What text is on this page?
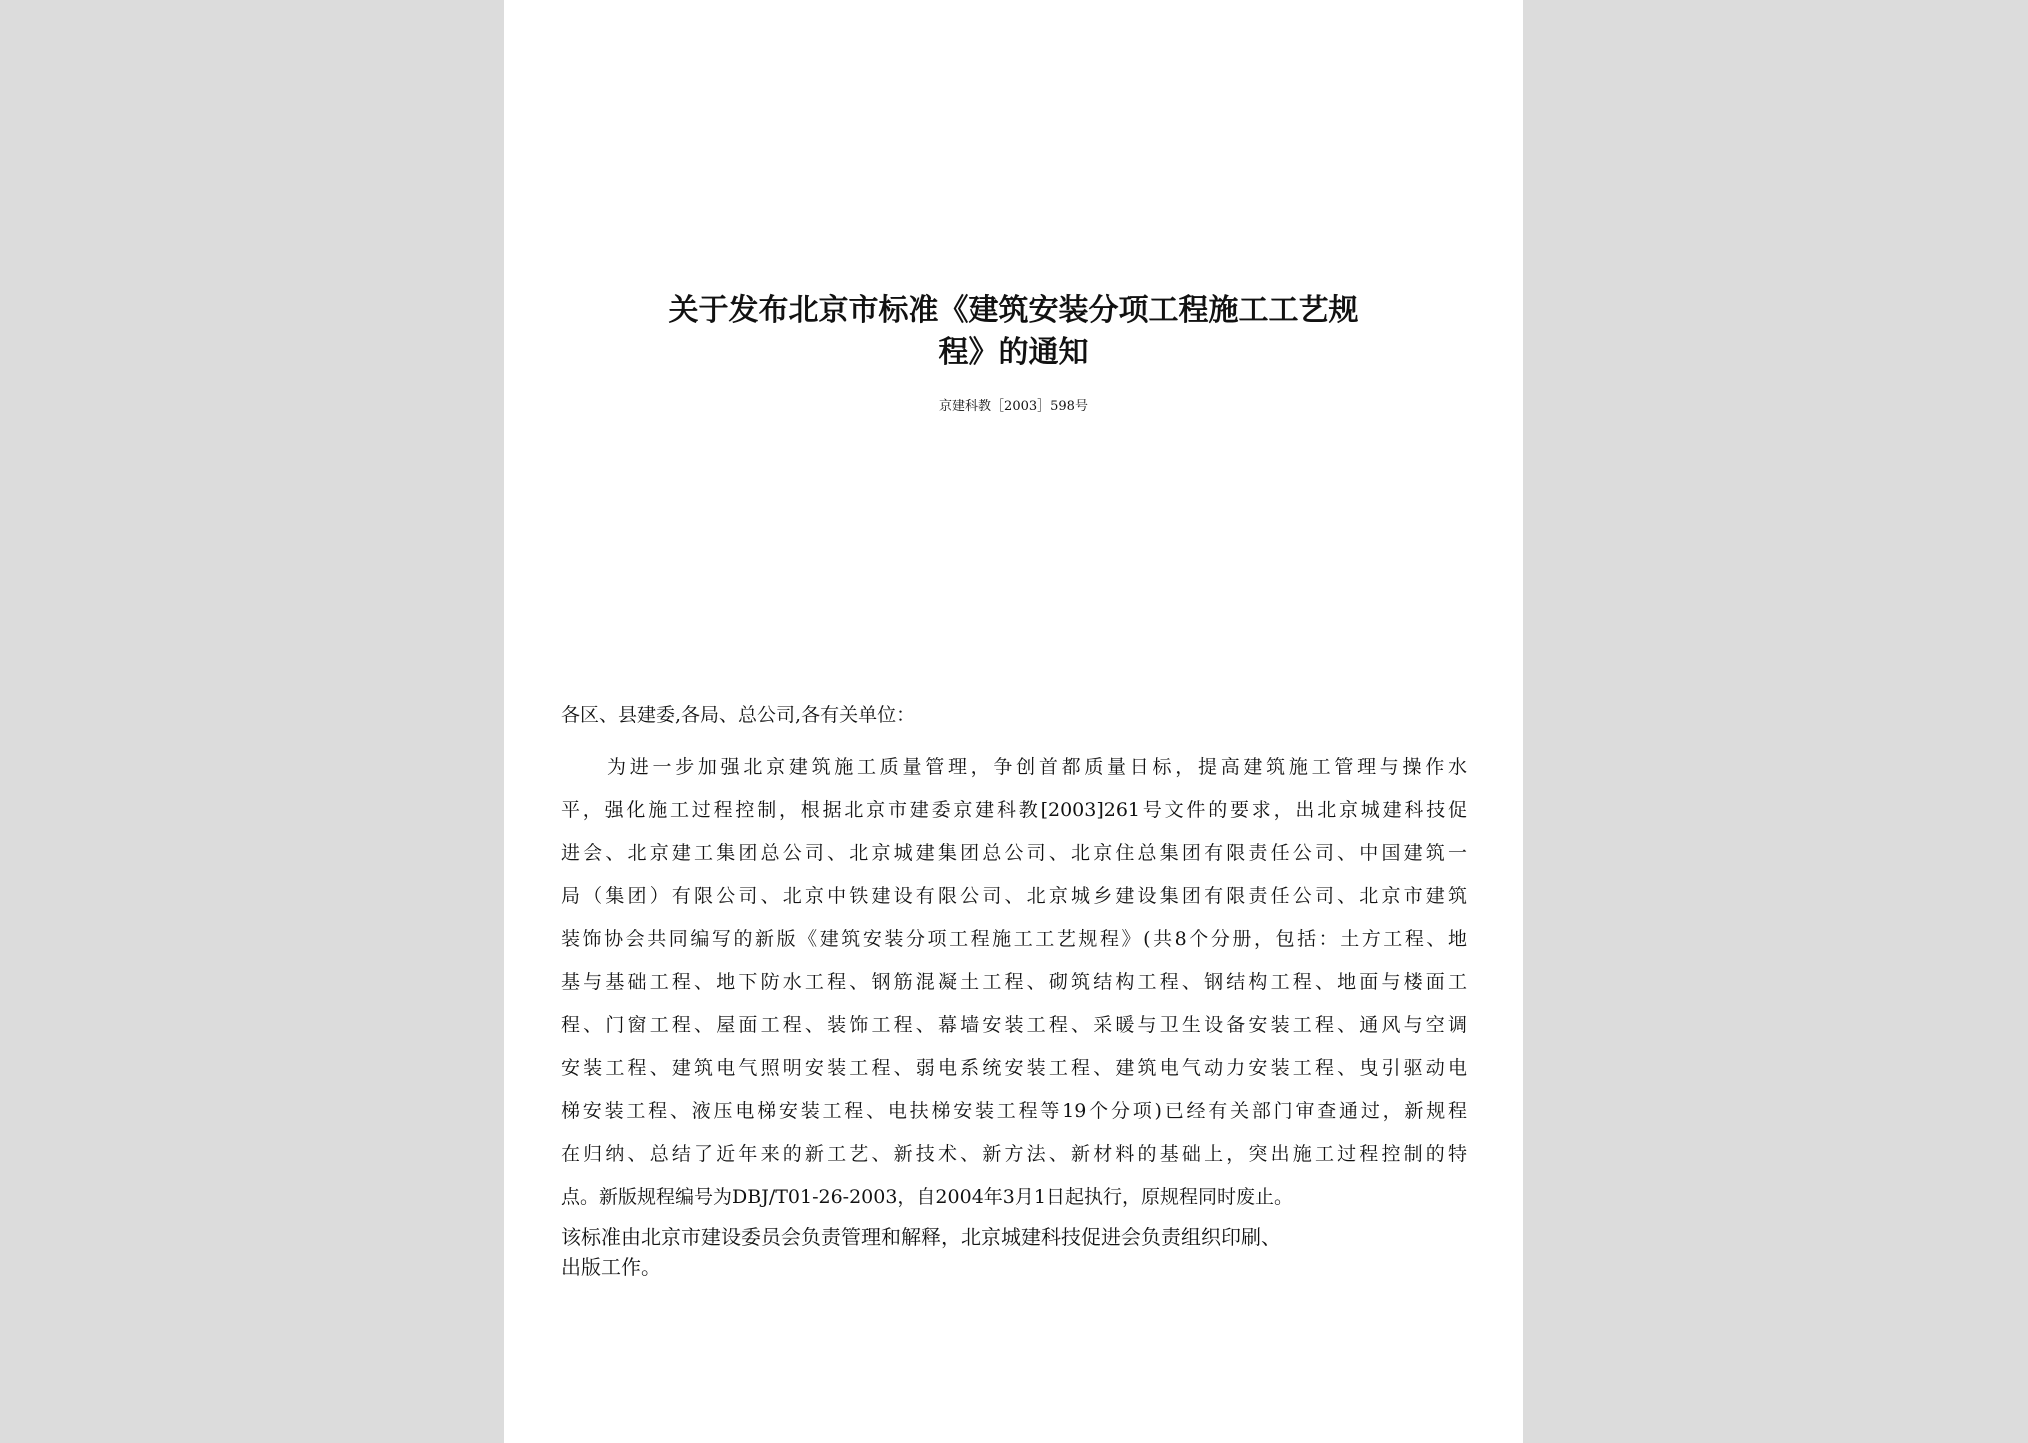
关于发布北京市标准《建筑安装分项工程施工工艺规
程》的通知
京建科教［2003］598号
各区、县建委,各局、总公司,各有关单位：
为进一步加强北京建筑施工质量管理，争创首都质量日标，提高建筑施工管理与操作水
平，强化施工过程控制，根据北京市建委京建科教[2003]261号文件的要求，出北京城建科技促
进会、北京建工集团总公司、北京城建集团总公司、北京住总集团有限责任公司、中国建筑一
局（集团）有限公司、北京中铁建设有限公司、北京城乡建设集团有限责任公司、北京市建筑
装饰协会共同编写的新版《建筑安装分项工程施工工艺规程》(共8个分册，包括：土方工程、地
基与基础工程、地下防水工程、钢筋混凝土工程、砌筑结构工程、钢结构工程、地面与楼面工
程、门窗工程、屋面工程、装饰工程、幕墙安装工程、采暖与卫生设备安装工程、通风与空调
安装工程、建筑电气照明安装工程、弱电系统安装工程、建筑电气动力安装工程、曳引驱动电
梯安装工程、液压电梯安装工程、电扶梯安装工程等19个分项)已经有关部门审查通过，新规程
在归纳、总结了近年来的新工艺、新技术、新方法、新材料的基础上，突出施工过程控制的特
点。新版规程编号为DBJ/T01-26-2003，自2004年3月1日起执行，原规程同时废止。
该标准由北京市建设委员会负责管理和解释，北京城建科技促进会负责组织印刷、
出版工作。
